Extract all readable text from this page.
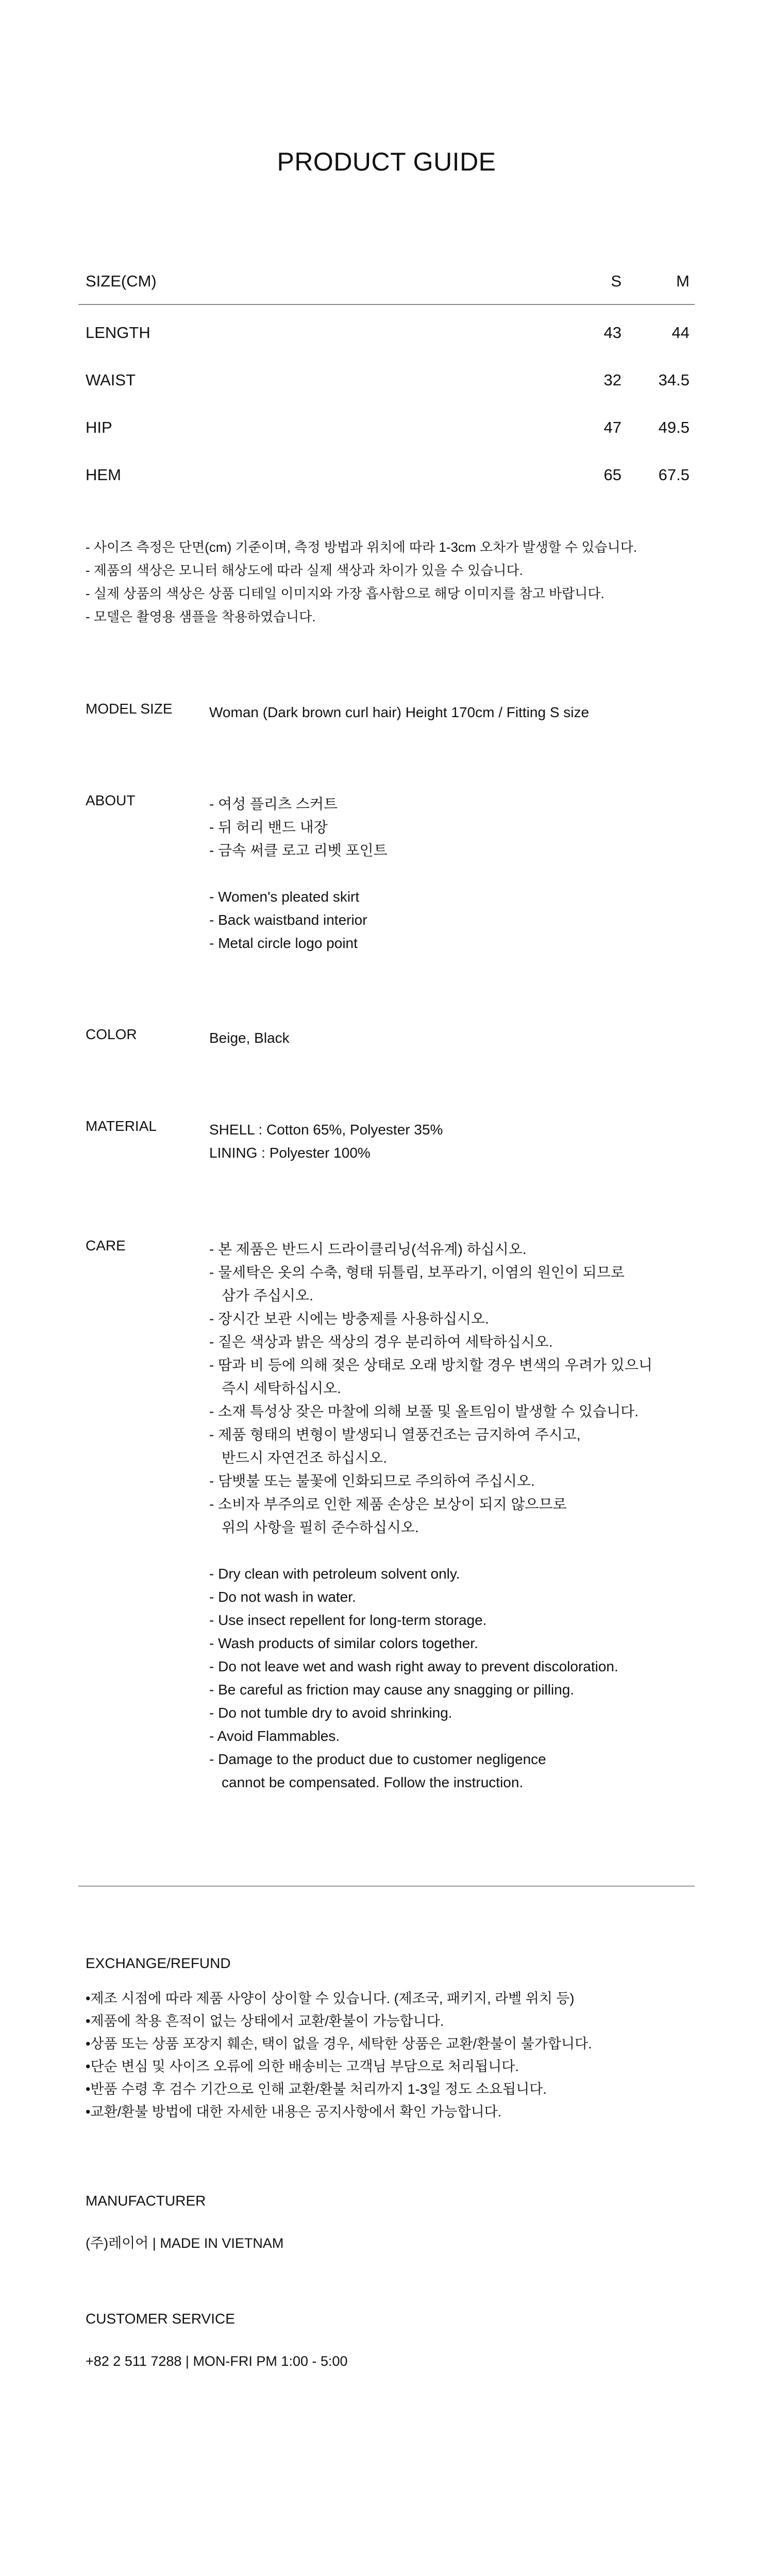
PRODUCT GUIDE
SIZE(CM)	S	M
LENGTH	43	44
WAIST	32	34.5
HIP	47	49.5
HEM	65	67.5
- 사이즈 측정은 단면(cm) 기준이며, 측정 방법과 위치에 따라 1-3cm 오차가 발생할 수 있습니다.
- 제품의 색상은 모니터 해상도에 따라 실제 색상과 차이가 있을 수 있습니다.
- 실제 상품의 색상은 상품 디테일 이미지와 가장 흡사함으로 해당 이미지를 참고 바랍니다.
- 모델은 촬영용 샘플을 착용하였습니다.
MODEL SIZE	Woman (Dark brown curl hair) Height 170cm / Fitting S size
ABOUT	- 여성 플리츠 스커트
- 뒤 허리 밴드 내장
- 금속 써클 로고 리벳 포인트
- Women's pleated skirt
- Back waistband interior
- Metal circle logo point
COLOR	Beige, Black
MATERIAL	SHELL : Cotton 65%, Polyester 35%
LINING : Polyester 100%
CARE	- 본 제품은 반드시 드라이클리닝(석유계) 하십시오.
- 물세탁은 옷의 수축, 형태 뒤틀림, 보푸라기, 이염의 원인이 되므로
삼가 주십시오.
- 장시간 보관 시에는 방충제를 사용하십시오.
- 짙은 색상과 밝은 색상의 경우 분리하여 세탁하십시오.
- 땀과 비 등에 의해 젖은 상태로 오래 방치할 경우 변색의 우려가 있으니
즉시 세탁하십시오.
- 소재 특성상 잦은 마찰에 의해 보풀 및 올트임이 발생할 수 있습니다.
- 제품 형태의 변형이 발생되니 열풍건조는 금지하여 주시고,
반드시 자연건조 하십시오.
- 담뱃불 또는 불꽃에 인화되므로 주의하여 주십시오.
- 소비자 부주의로 인한 제품 손상은 보상이 되지 않으므로
위의 사항을 필히 준수하십시오.
- Dry clean with petroleum solvent only.
- Do not wash in water.
- Use insect repellent for long-term storage.
- Wash products of similar colors together.
- Do not leave wet and wash right away to prevent discoloration.
- Be careful as friction may cause any snagging or pilling.
- Do not tumble dry to avoid shrinking.
- Avoid Flammables.
- Damage to the product due to customer negligence
cannot be compensated. Follow the instruction.
EXCHANGE/REFUND
•제조 시점에 따라 제품 사양이 상이할 수 있습니다. (제조국, 패키지, 라벨 위치 등)
•제품에 착용 흔적이 없는 상태에서 교환/환불이 가능합니다.
•상품 또는 상품 포장지 훼손, 택이 없을 경우, 세탁한 상품은 교환/환불이 불가합니다.
•단순 변심 및 사이즈 오류에 의한 배송비는 고객님 부담으로 처리됩니다.
•반품 수령 후 검수 기간으로 인해 교환/환불 처리까지 1-3일 정도 소요됩니다.
•교환/환불 방법에 대한 자세한 내용은 공지사항에서 확인 가능합니다.
MANUFACTURER
(주)레이어 | MADE IN VIETNAM
CUSTOMER SERVICE
+82 2 511 7288 | MON-FRI PM 1:00 - 5:00
